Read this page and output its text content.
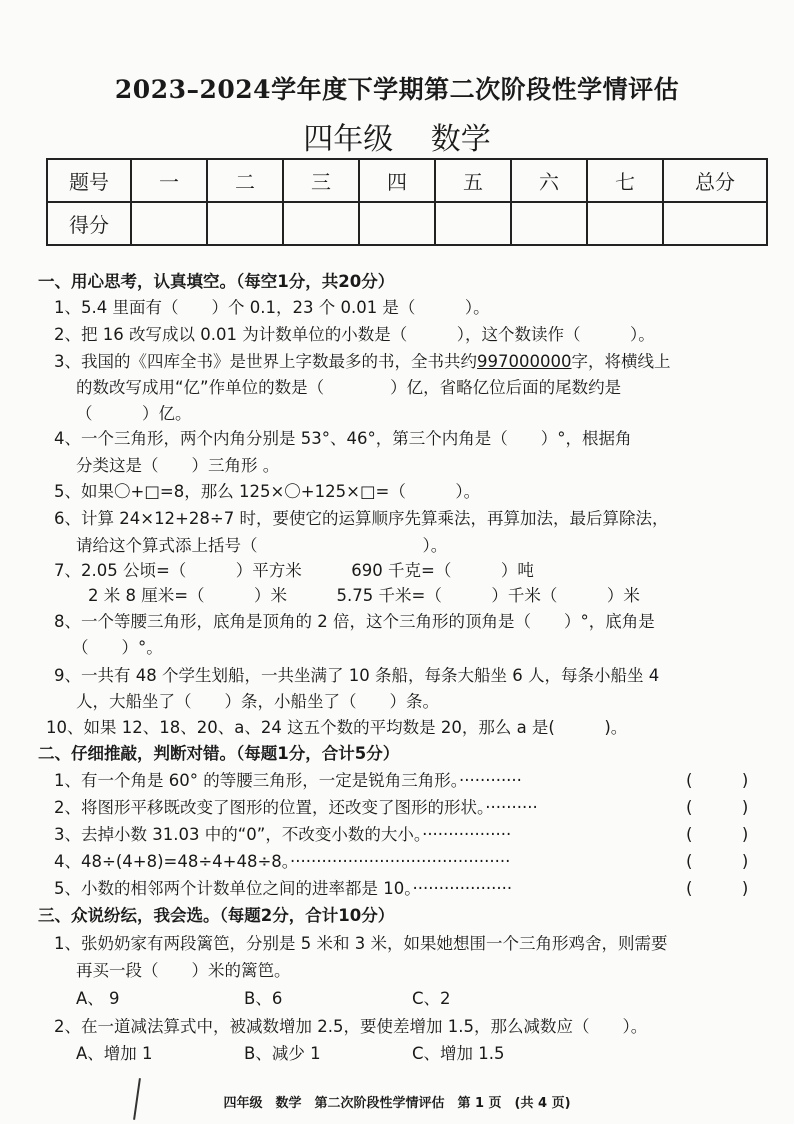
2023–2024学年度下学期第二次阶段性学情评估
四年级 数学
题号	一	二	三	四	五	六	七	总分
得分								
一、用心思考，认真填空。（每空1分，共20分）
1、5.4 里面有（　　）个 0.1，23 个 0.01 是（　　　）。
2、把 16 改写成以 0.01 为计数单位的小数是（　　　），这个数读作（　　　）。
3、我国的《四库全书》是世界上字数最多的书，全书共约997000000字，将横线上
的数改写成用“亿”作单位的数是（　　　　）亿，省略亿位后面的尾数约是
（　　　）亿。
4、一个三角形，两个内角分别是 53°、46°，第三个内角是（　　）°，根据角
分类这是（　　）三角形 。
5、如果〇+□=8，那么 125×〇+125×□=（　　　）。
6、计算 24×12+28÷7 时，要使它的运算顺序先算乘法，再算加法，最后算除法，
请给这个算式添上括号（　　　　　　　　　　）。
7、2.05 公顷=（　　　）平方米　　　690 千克=（　　　）吨
2 米 8 厘米=（　　　）米　　　5.75 千米=（　　　）千米（　　　）米
8、一个等腰三角形，底角是顶角的 2 倍，这个三角形的顶角是（　　）°，底角是
（　　）°。
9、一共有 48 个学生划船，一共坐满了 10 条船，每条大船坐 6 人，每条小船坐 4
人，大船坐了（　　）条，小船坐了（　　）条。
10、如果 12、18、20、a、24 这五个数的平均数是 20，那么 a 是(　　　)。
二、仔细推敲，判断对错。（每题1分，合计5分）
1、有一个角是 60° 的等腰三角形，一定是锐角三角形。············	(　　　)
2、将图形平移既改变了图形的位置，还改变了图形的形状。··········	(　　　)
3、去掉小数 31.03 中的“0”，不改变小数的大小。·················	(　　　)
4、48÷(4+8)=48÷4+48÷8。··········································	(　　　)
5、小数的相邻两个计数单位之间的进率都是 10。···················	(　　　)
三、众说纷纭，我会选。（每题2分，合计10分）
1、张奶奶家有两段篱笆，分别是 5 米和 3 米，如果她想围一个三角形鸡舍，则需要
再买一段（　　）米的篱笆。
A、 9	B、6	C、2
2、在一道减法算式中，被减数增加 2.5，要使差增加 1.5，那么减数应（　　）。
A、增加 1	B、减少 1	C、增加 1.5
四年级　数学　第二次阶段性学情评估　第 1 页　(共 4 页)
